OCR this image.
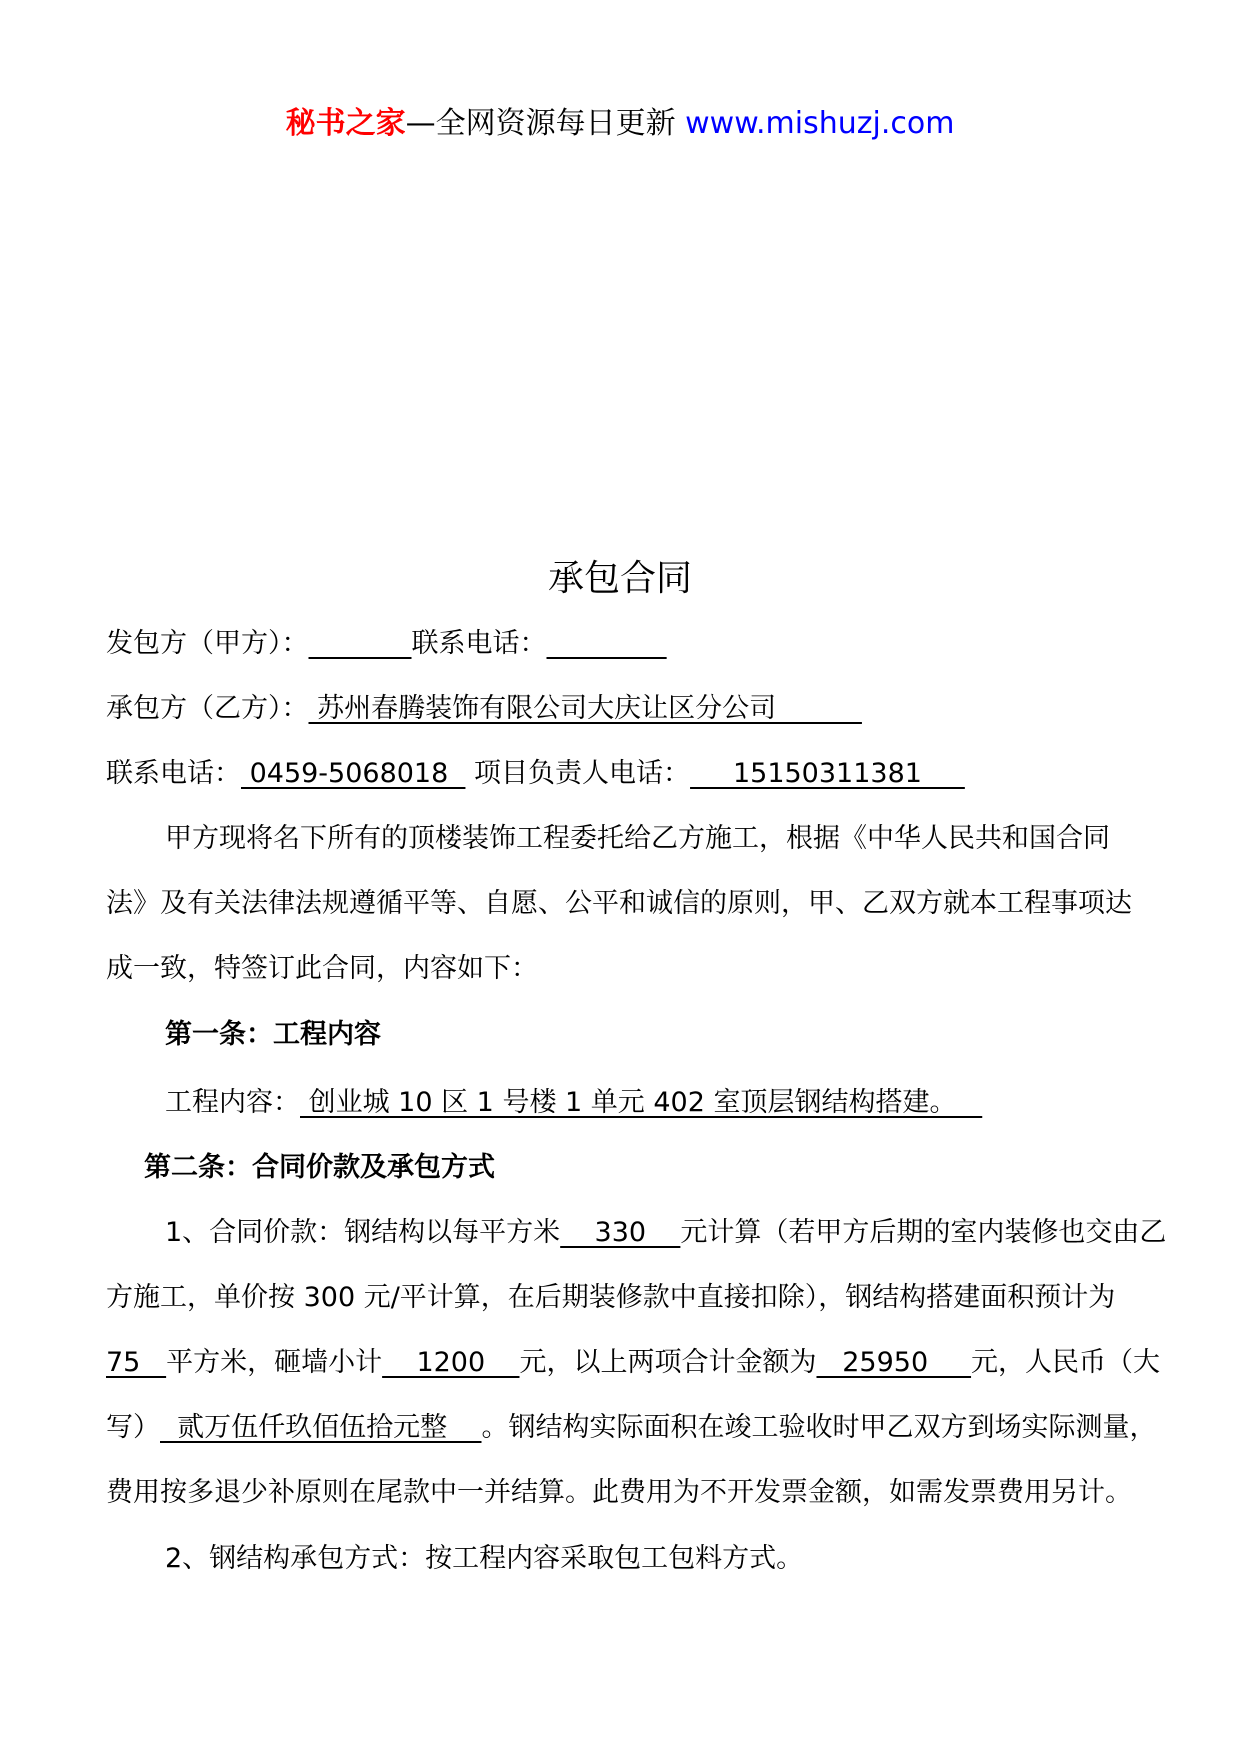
秘书之家—全网资源每日更新 www.mishuzj.com
承包合同
发包方（甲方）：	联系电话：
承包方（乙方）： 苏州春腾装饰有限公司大庆让区分公司
联系电话： 0459-5068018   项目负责人电话：     15150311381
甲方现将名下所有的顶楼装饰工程委托给乙方施工，根据《中华人民共和国合同
法》及有关法律法规遵循平等、自愿、公平和诚信的原则，甲、乙双方就本工程事项达
成一致，特签订此合同，内容如下：
第一条：工程内容
工程内容： 创业城 10 区 1 号楼 1 单元 402 室顶层钢结构搭建。
第二条：合同价款及承包方式
1、合同价款：钢结构以每平方米    330    元计算（若甲方后期的室内装修也交由乙
方施工，单价按 300 元/平计算，在后期装修款中直接扣除），钢结构搭建面积预计为
75   平方米，砸墙小计    1200    元，以上两项合计金额为   25950     元，人民币（大
写）  贰万伍仟玖佰伍拾元整    。钢结构实际面积在竣工验收时甲乙双方到场实际测量，
费用按多退少补原则在尾款中一并结算。此费用为不开发票金额，如需发票费用另计。
2、钢结构承包方式：按工程内容采取包工包料方式。
